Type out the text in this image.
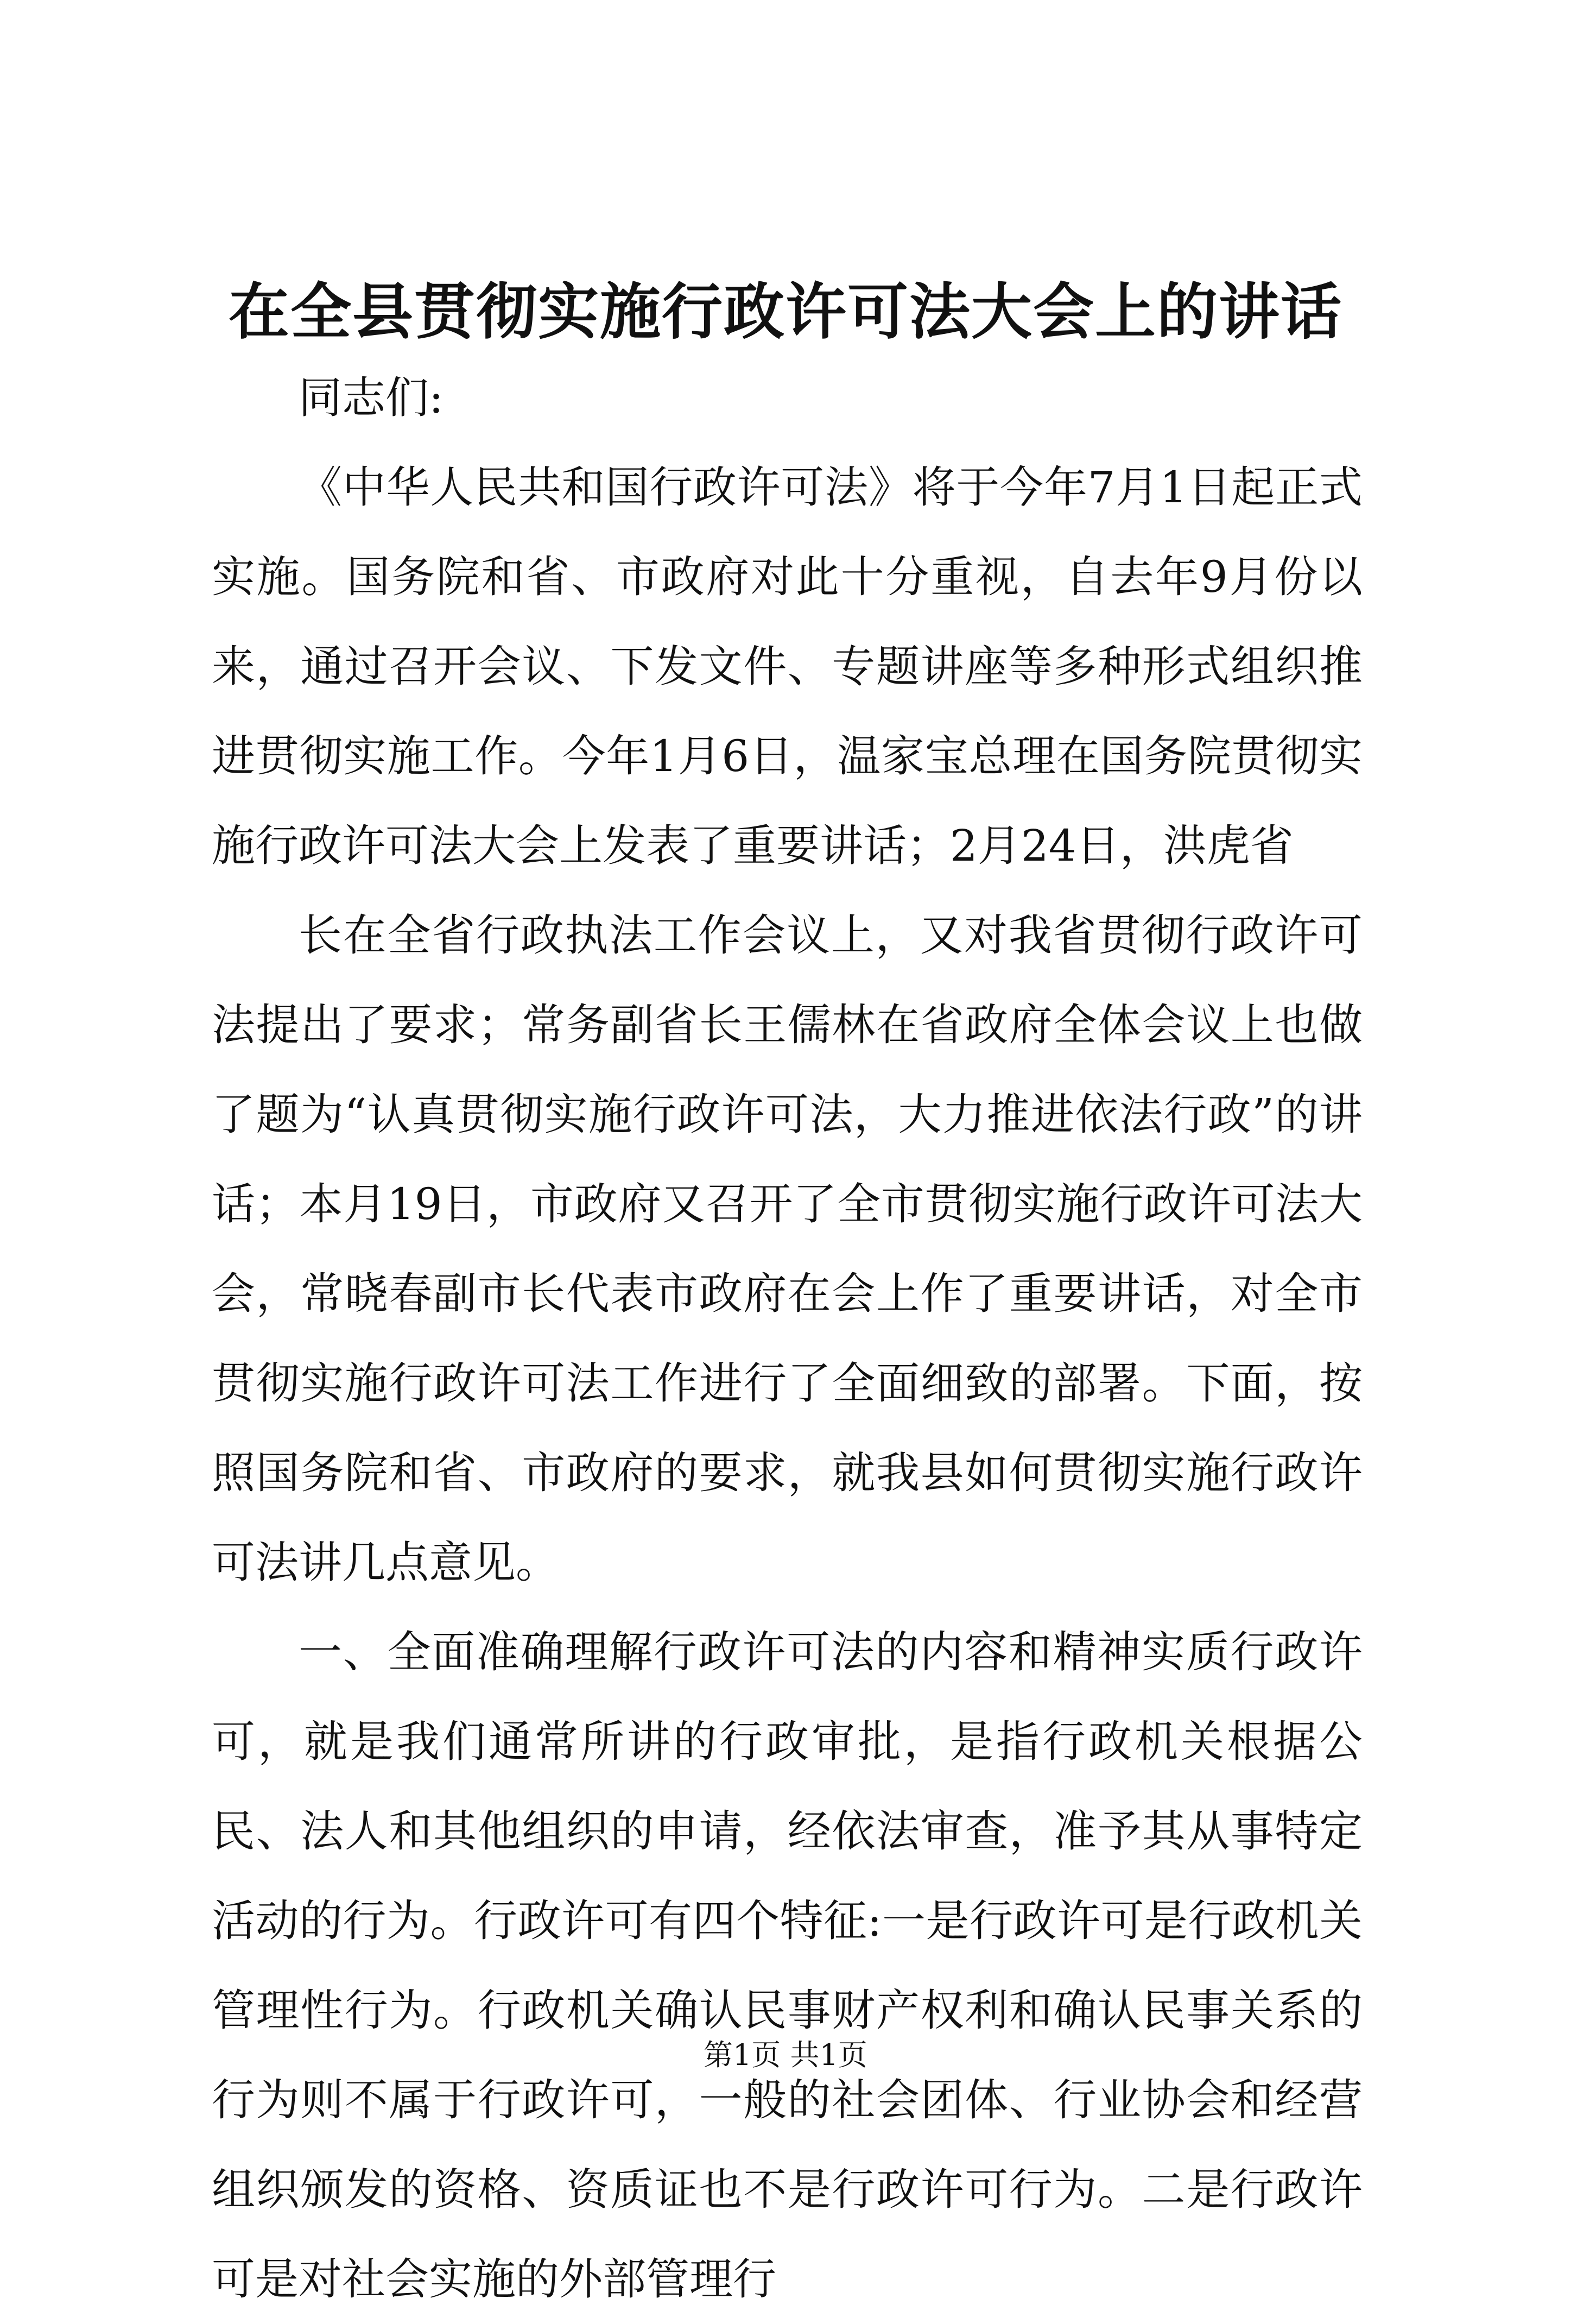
在全县贯彻实施行政许可法大会上的讲话

同志们:

《中华人民共和国行政许可法》将于今年7月1日起正式实施。国务院和省、市政府对此十分重视，自去年9月份以来，通过召开会议、下发文件、专题讲座等多种形式组织推进贯彻实施工作。今年1月6日，温家宝总理在国务院贯彻实施行政许可法大会上发表了重要讲话；2月24日，洪虎省

长在全省行政执法工作会议上，又对我省贯彻行政许可法提出了要求；常务副省长王儒林在省政府全体会议上也做了题为“认真贯彻实施行政许可法，大力推进依法行政”的讲话；本月19日，市政府又召开了全市贯彻实施行政许可法大会，常晓春副市长代表市政府在会上作了重要讲话，对全市贯彻实施行政许可法工作进行了全面细致的部署。下面，按照国务院和省、市政府的要求，就我县如何贯彻实施行政许可法讲几点意见。

一、全面准确理解行政许可法的内容和精神实质行政许可，就是我们通常所讲的行政审批，是指行政机关根据公民、法人和其他组织的申请，经依法审查，准予其从事特定活动的行为。行政许可有四个特征:一是行政许可是行政机关管理性行为。行政机关确认民事财产权利和确认民事关系的行为则不属于行政许可，一般的社会团体、行业协会和经营组织颁发的资格、资质证也不是行政许可行为。二是行政许可是对社会实施的外部管理行

第1页 共1页
